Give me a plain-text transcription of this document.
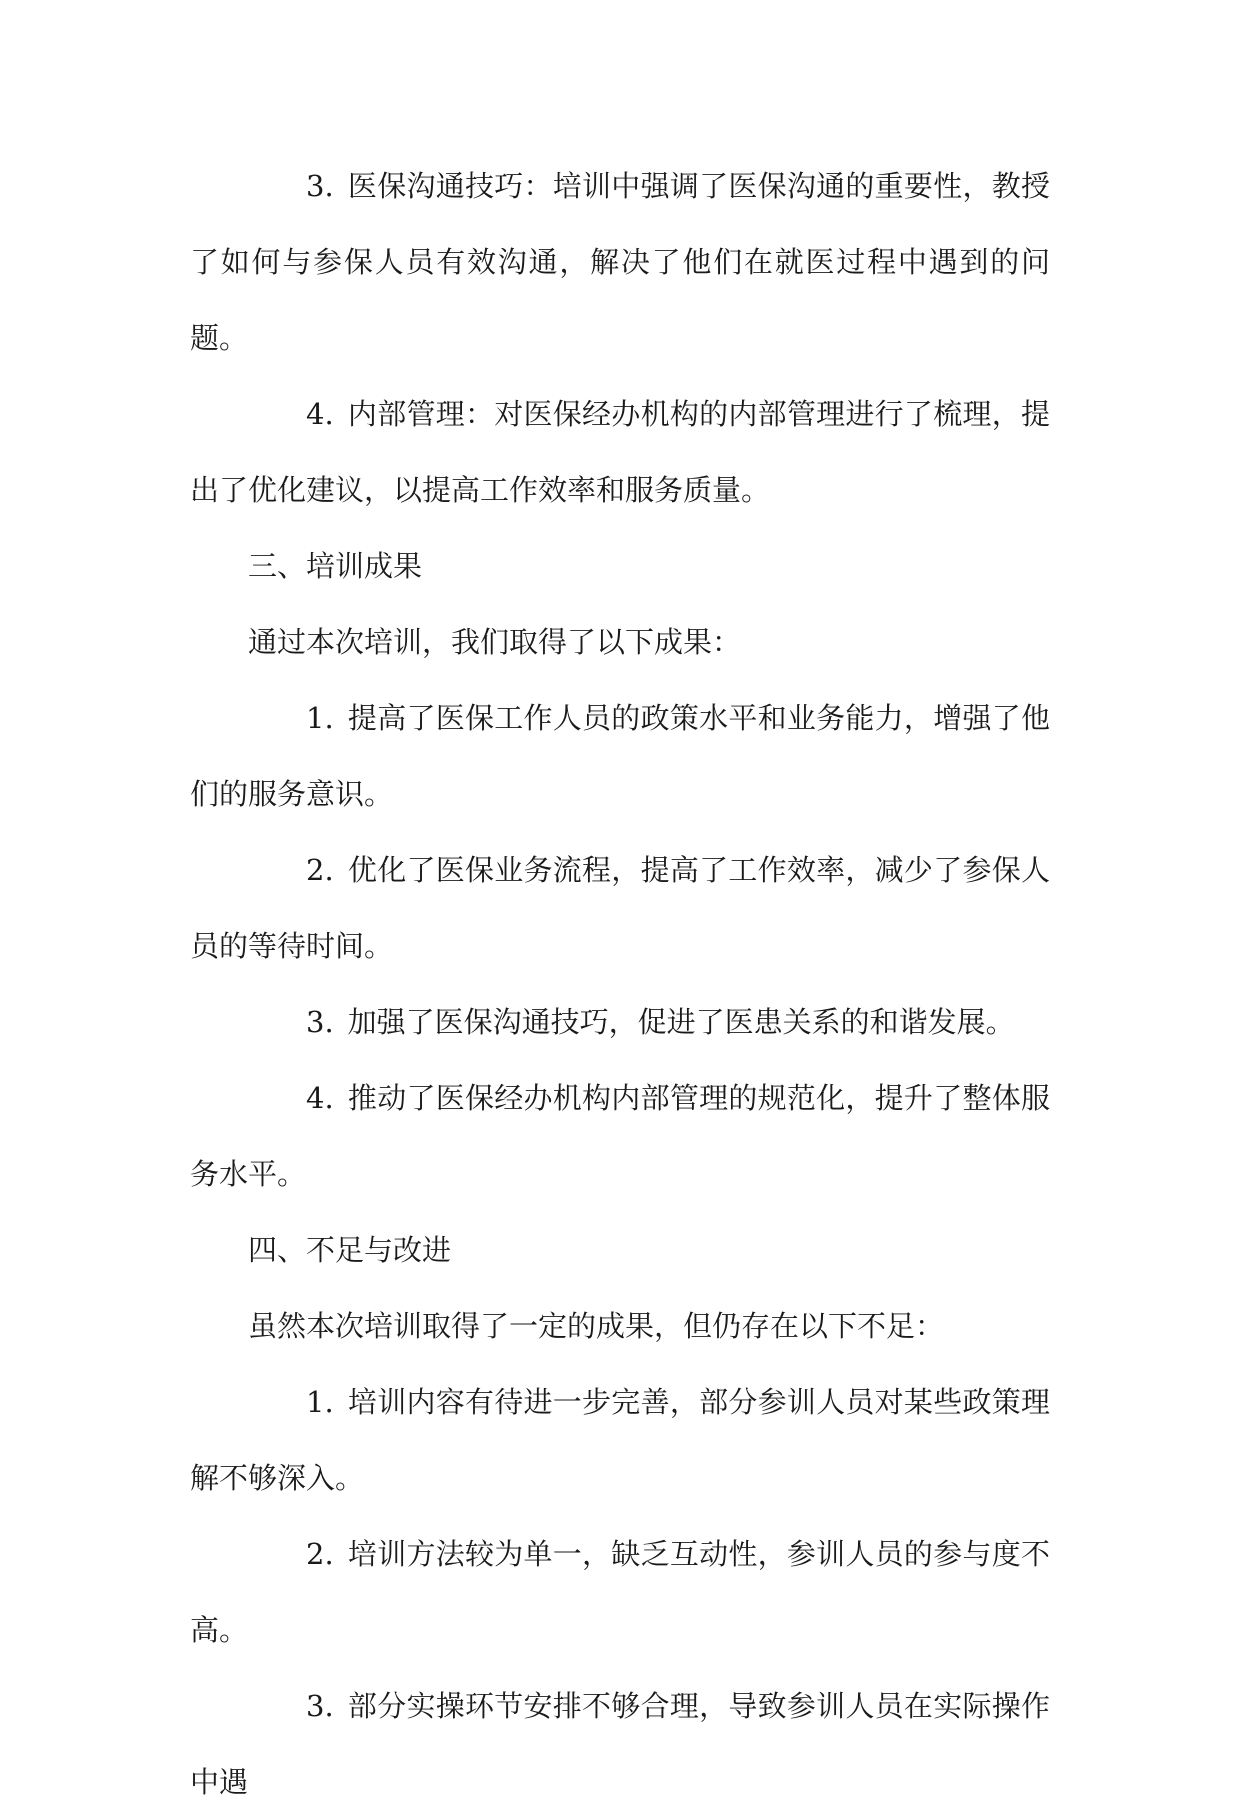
3. 医保沟通技巧：培训中强调了医保沟通的重要性，教授了如何与参保人员有效沟通，解决了他们在就医过程中遇到的问题。

4. 内部管理：对医保经办机构的内部管理进行了梳理，提出了优化建议，以提高工作效率和服务质量。

三、培训成果

通过本次培训，我们取得了以下成果：

1. 提高了医保工作人员的政策水平和业务能力，增强了他们的服务意识。

2. 优化了医保业务流程，提高了工作效率，减少了参保人员的等待时间。

3. 加强了医保沟通技巧，促进了医患关系的和谐发展。

4. 推动了医保经办机构内部管理的规范化，提升了整体服务水平。

四、不足与改进

虽然本次培训取得了一定的成果，但仍存在以下不足：

1. 培训内容有待进一步完善，部分参训人员对某些政策理解不够深入。

2. 培训方法较为单一，缺乏互动性，参训人员的参与度不高。

3. 部分实操环节安排不够合理，导致参训人员在实际操作中遇
